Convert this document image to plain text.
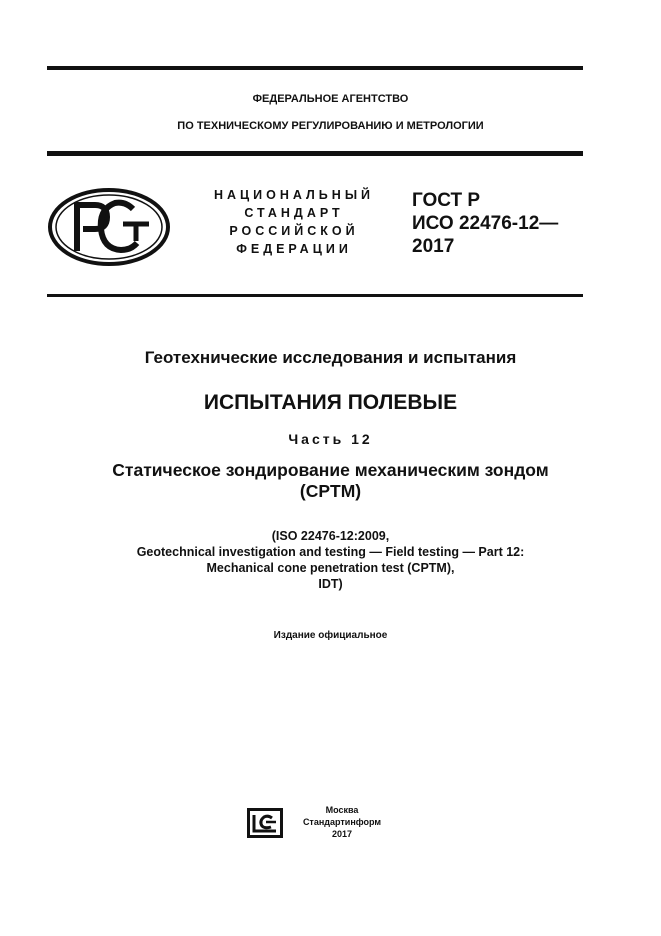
ФЕДЕРАЛЬНОЕ АГЕНТСТВО
ПО ТЕХНИЧЕСКОМУ РЕГУЛИРОВАНИЮ И МЕТРОЛОГИИ
НАЦИОНАЛЬНЫЙ
СТАНДАРТ
РОССИЙСКОЙ
ФЕДЕРАЦИИ
ГОСТ Р
ИСО 22476-12—
2017
Геотехнические исследования и испытания
ИСПЫТАНИЯ ПОЛЕВЫЕ
Часть 12
Статическое зондирование механическим зондом
(CPTM)
(ISO 22476-12:2009,
Geotechnical investigation and testing — Field testing — Part 12:
Mechanical cone penetration test (CPTM),
IDT)
Издание официальное
Москва
Стандартинформ
2017
